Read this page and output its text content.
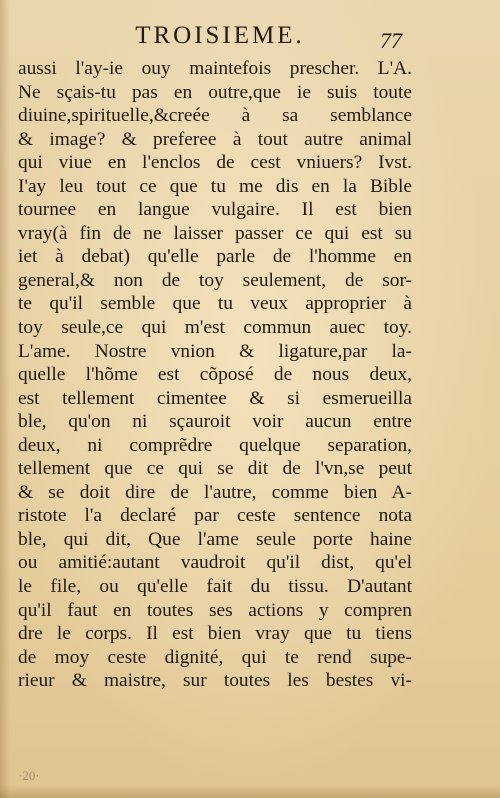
TROISIEME.	77
aussi l'ay-ie ouy maintefois prescher. L'A.
Ne sçais-tu pas en outre,que ie suis toute
diuine,spirituelle,&creée à sa semblance
& image? & preferee à tout autre animal
qui viue en l'enclos de cest vniuers? Ivst.
I'ay leu tout ce que tu me dis en la Bible
tournee en langue vulgaire. Il est bien
vray(à fin de ne laisser passer ce qui est su
iet à debat) qu'elle parle de l'homme en
general,& non de toy seulement, de sor-
te qu'il semble que tu veux approprier à
toy seule,ce qui m'est commun auec toy.
L'ame. Nostre vnion & ligature,par la-
quelle l'hõme est cõposé de nous deux,
est tellement cimentee & si esmerueilla
ble, qu'on ni sçauroit voir aucun entre
deux, ni comprẽdre quelque separation,
tellement que ce qui se dit de l'vn,se peut
& se doit dire de l'autre, comme bien A-
ristote l'a declaré par ceste sentence nota
ble, qui dit, Que l'ame seule porte haine
ou amitié:autant vaudroit qu'il dist, qu'el
le file, ou qu'elle fait du tissu. D'autant
qu'il faut en toutes ses actions y compren
dre le corps. Il est bien vray que tu tiens
de moy ceste dignité, qui te rend supe-
rieur & maistre, sur toutes les bestes vi-
·20·
